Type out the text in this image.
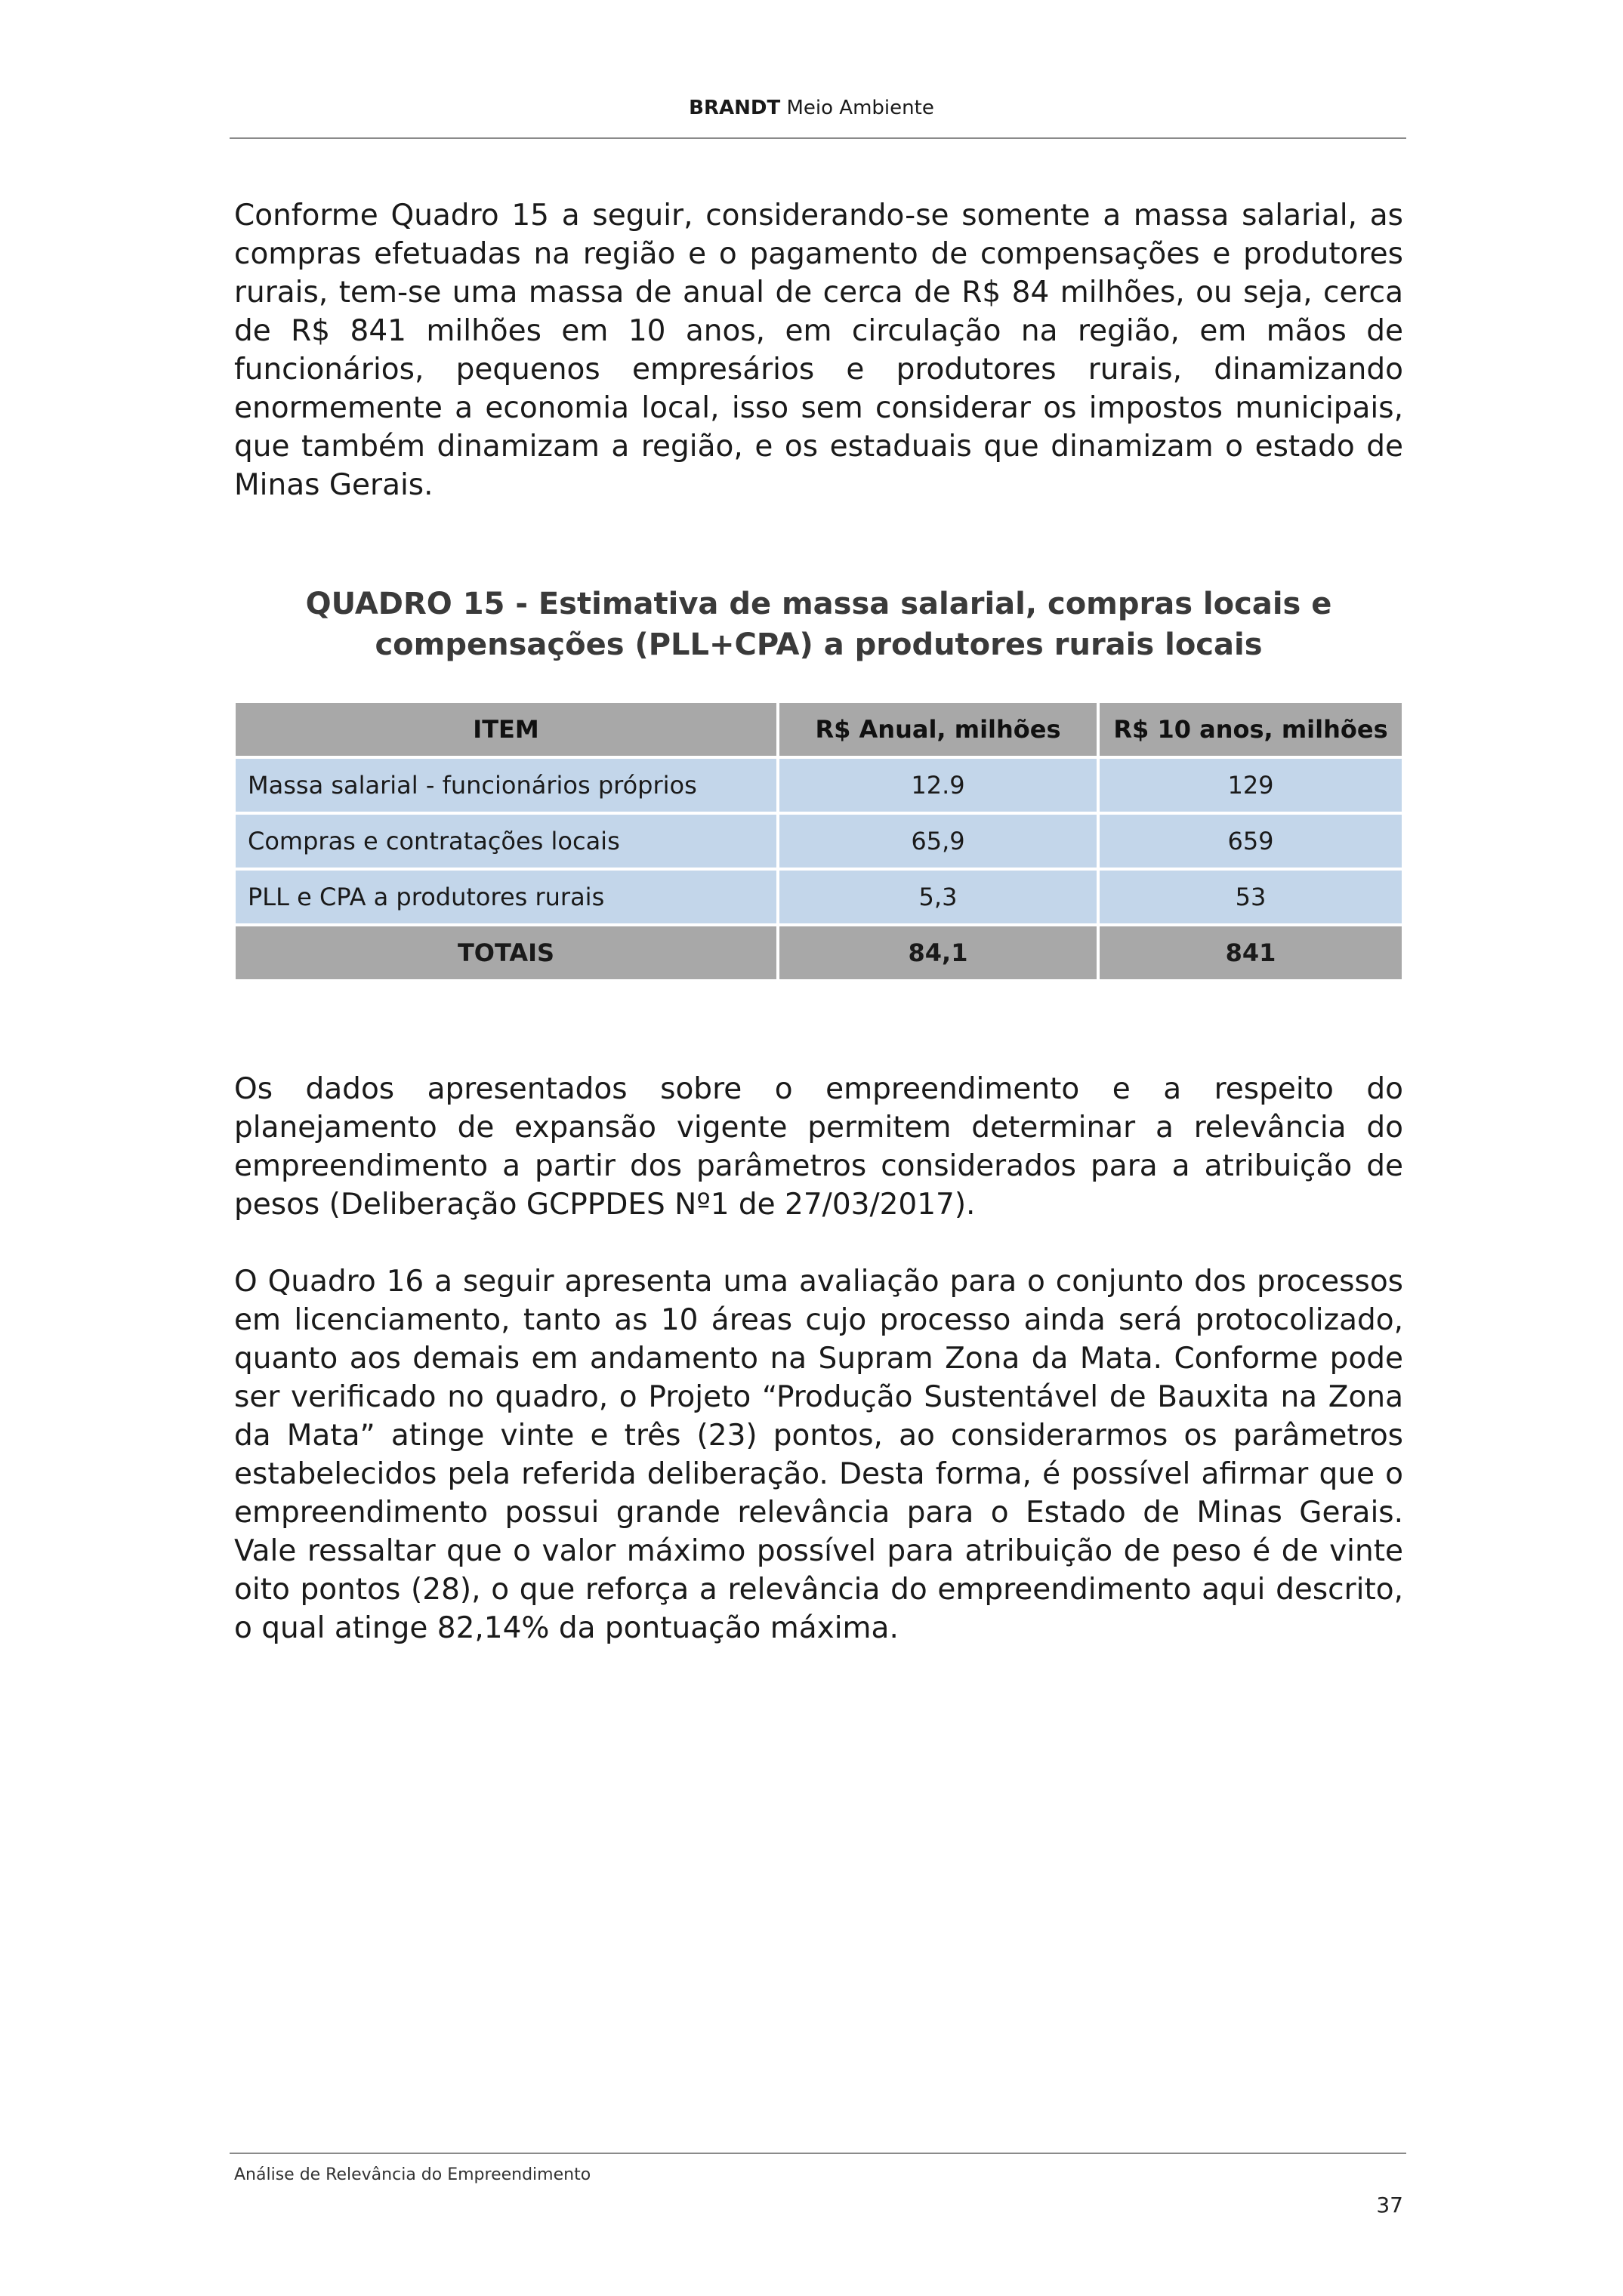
BRANDT Meio Ambiente

Conforme Quadro 15 a seguir, considerando-se somente a massa salarial, as compras efetuadas na região e o pagamento de compensações e produtores rurais, tem-se uma massa de anual de cerca de R$ 84 milhões, ou seja, cerca de R$ 841 milhões em 10 anos, em circulação na região, em mãos de funcionários, pequenos empresários e produtores rurais, dinamizando enormemente a economia local, isso sem considerar os impostos municipais, que também dinamizam a região, e os estaduais que dinamizam o estado de Minas Gerais.

QUADRO 15 - Estimativa de massa salarial, compras locais e
compensações (PLL+CPA) a produtores rurais locais
ITEM	R$ Anual, milhões	R$ 10 anos, milhões
Massa salarial - funcionários próprios	12.9	129
Compras e contratações locais	65,9	659
PLL e CPA a produtores rurais	5,3	53
TOTAIS	84,1	841

Os dados apresentados sobre o empreendimento e a respeito do planejamento de expansão vigente permitem determinar a relevância do empreendimento a partir dos parâmetros considerados para a atribuição de pesos (Deliberação GCPPDES Nº1 de 27/03/2017).

O Quadro 16 a seguir apresenta uma avaliação para o conjunto dos processos em licenciamento, tanto as 10 áreas cujo processo ainda será protocolizado, quanto aos demais em andamento na Supram Zona da Mata. Conforme pode ser verificado no quadro, o Projeto “Produção Sustentável de Bauxita na Zona da Mata” atinge vinte e três (23) pontos, ao considerarmos os parâmetros estabelecidos pela referida deliberação. Desta forma, é possível afirmar que o empreendimento possui grande relevância para o Estado de Minas Gerais. Vale ressaltar que o valor máximo possível para atribuição de peso é de vinte oito pontos (28), o que reforça a relevância do empreendimento aqui descrito, o qual atinge 82,14% da pontuação máxima.

Análise de Relevância do Empreendimento
37
